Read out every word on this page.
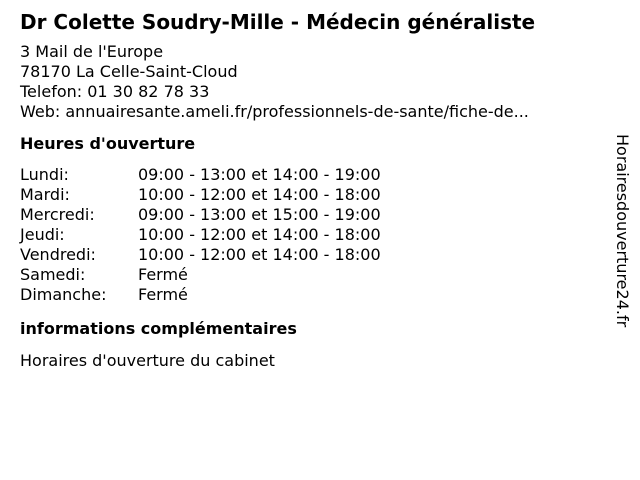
Dr Colette Soudry-Mille - Médecin généraliste
3 Mail de l'Europe
78170 La Celle-Saint-Cloud
Telefon: 01 30 82 78 33
Web: annuairesante.ameli.fr/professionnels-de-sante/fiche-de...
Heures d'ouverture
Lundi:	09:00 - 13:00 et 14:00 - 19:00
Mardi:	10:00 - 12:00 et 14:00 - 18:00
Mercredi:	09:00 - 13:00 et 15:00 - 19:00
Jeudi:	10:00 - 12:00 et 14:00 - 18:00
Vendredi:	10:00 - 12:00 et 14:00 - 18:00
Samedi:	Fermé
Dimanche: Fermé
informations complémentaires
Horaires d'ouverture du cabinet
Horairesdouverture24.fr
